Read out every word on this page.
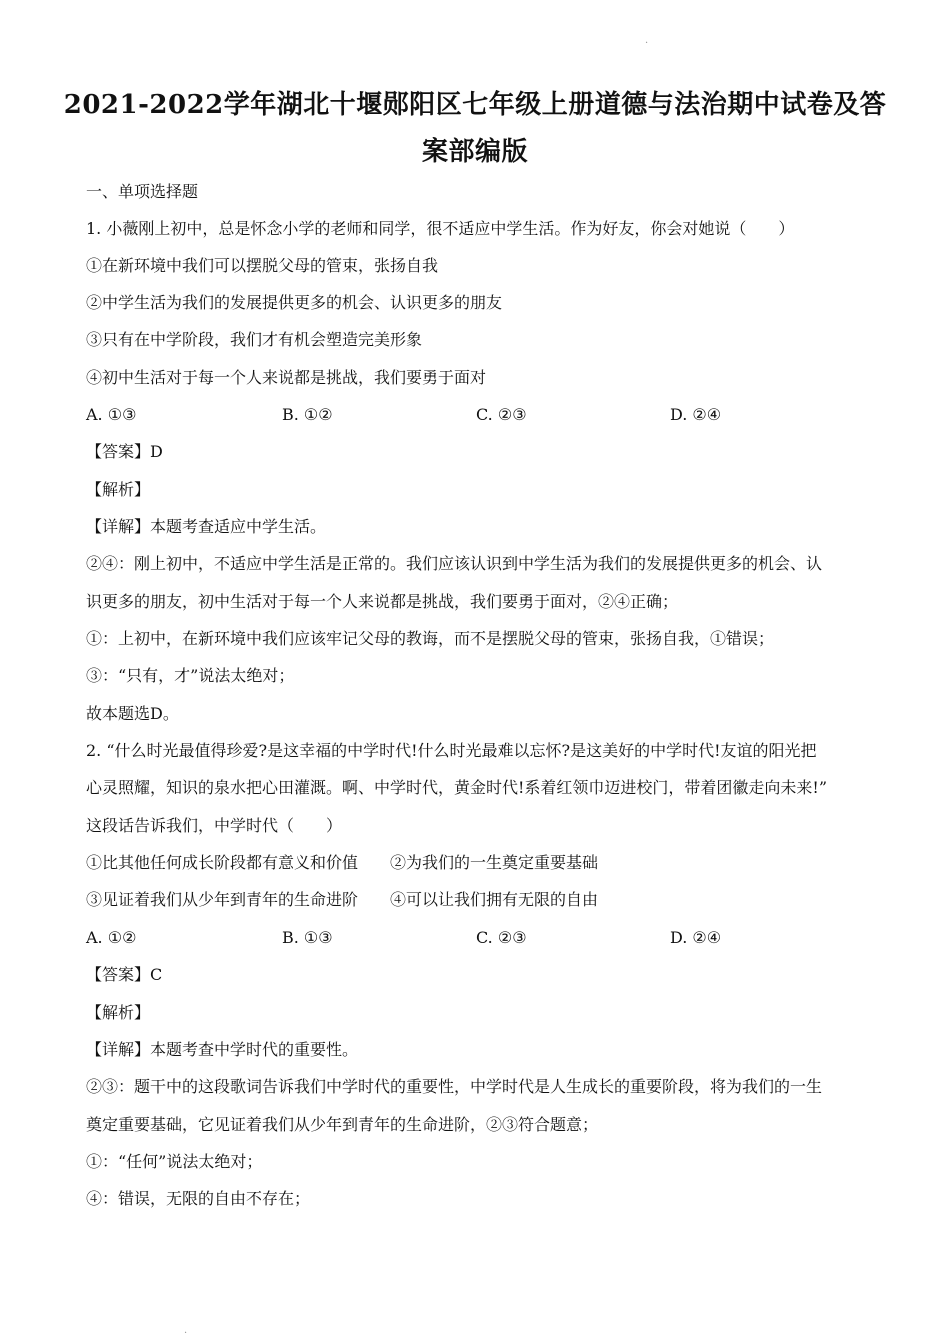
2021-2022学年湖北十堰郧阳区七年级上册道德与法治期中试卷及答
案部编版
一、单项选择题
1. 小薇刚上初中，总是怀念小学的老师和同学，很不适应中学生活。作为好友，你会对她说（　　）
①在新环境中我们可以摆脱父母的管束，张扬自我
②中学生活为我们的发展提供更多的机会、认识更多的朋友
③只有在中学阶段，我们才有机会塑造完美形象
④初中生活对于每一个人来说都是挑战，我们要勇于面对
A. ①③	B. ①②	C. ②③	D. ②④
【答案】D
【解析】
【详解】本题考查适应中学生活。
②④：刚上初中，不适应中学生活是正常的。我们应该认识到中学生活为我们的发展提供更多的机会、认
识更多的朋友，初中生活对于每一个人来说都是挑战，我们要勇于面对，②④正确；
①：上初中，在新环境中我们应该牢记父母的教诲，而不是摆脱父母的管束，张扬自我，①错误；
③：“只有，才”说法太绝对；
故本题选D。
2. “什么时光最值得珍爱?是这幸福的中学时代!什么时光最难以忘怀?是这美好的中学时代!友谊的阳光把
心灵照耀，知识的泉水把心田灌溉。啊、中学时代，黄金时代!系着红领巾迈进校门，带着团徽走向未来!”
这段话告诉我们，中学时代（　　）
①比其他任何成长阶段都有意义和价值　　②为我们的一生奠定重要基础
③见证着我们从少年到青年的生命进阶　　④可以让我们拥有无限的自由
A. ①②	B. ①③	C. ②③	D. ②④
【答案】C
【解析】
【详解】本题考查中学时代的重要性。
②③：题干中的这段歌词告诉我们中学时代的重要性，中学时代是人生成长的重要阶段，将为我们的一生
奠定重要基础，它见证着我们从少年到青年的生命进阶，②③符合题意；
①：“任何”说法太绝对；
④：错误，无限的自由不存在；
·
·
